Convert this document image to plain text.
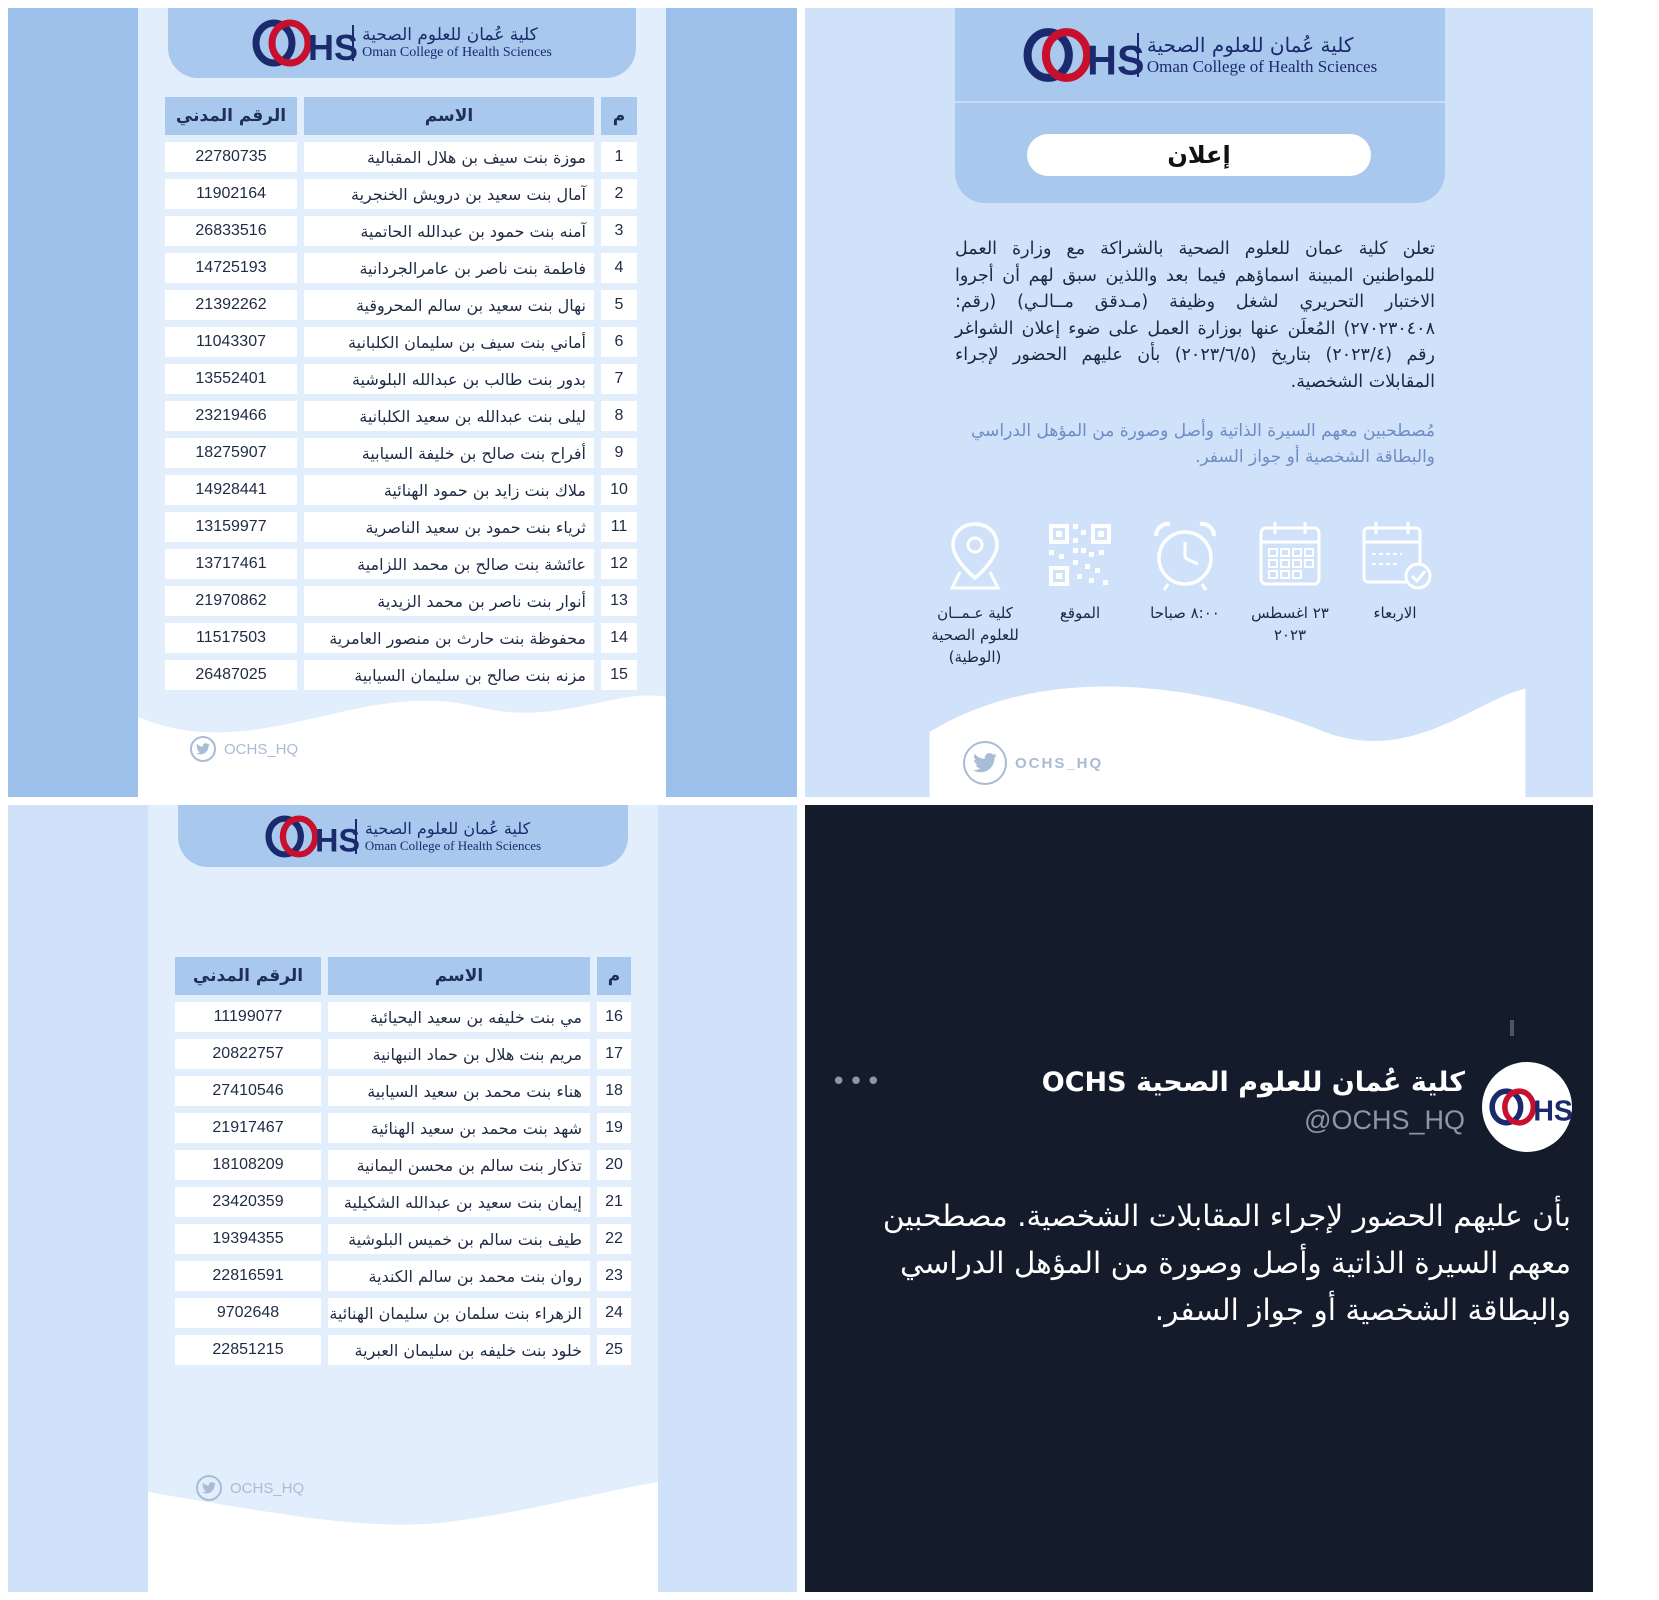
HS كلية عُمان للعلوم الصحية
Oman College of Health Sciences
م	الاسم	الرقم المدني
1	موزة بنت سيف بن هلال المقبالية	22780735
2	آمال بنت سعيد بن درويش الخنجرية	11902164
3	آمنه بنت حمود بن عبدالله الحاتمية	26833516
4	فاطمة بنت ناصر بن عامرالجردانية	14725193
5	نهال بنت سعيد بن سالم المحروقية	21392262
6	أماني بنت سيف بن سليمان الكلبانية	11043307
7	بدور بنت طالب بن عبدالله البلوشية	13552401
8	ليلى بنت عبدالله بن سعيد الكلبانية	23219466
9	أفراح بنت صالح بن خليفة السيابية	18275907
10	ملاك بنت زايد بن حمود الهنائية	14928441
11	ثرياء بنت حمود بن سعيد الناصرية	13159977
12	عائشة بنت صالح بن محمد اللزامية	13717461
13	أنوار بنت ناصر بن محمد الزيدية	21970862
14	محفوظة بنت حارث بن منصور العامرية	11517503
15	مزنه بنت صالح بن سليمان السيابية	26487025
OCHS_HQ
HS كلية عُمان للعلوم الصحية
Oman College of Health Sciences
إعلان
تعلن كلية عمان للعلوم الصحية بالشراكة مع وزارة العمل للمواطنين المبينة اسماؤهم فيما بعد واللذين سبق لهم أن أجروا الاختبار التحريري لشغل وظيفة (مـدقق مــالـي) (رقم: ٢٧٠٢٣٠٤٠٨) المُعلَن عنها بوزارة العمل على ضوء إعلان الشواغر رقم (٢٠٢٣/٤) بتاريخ (٢٠٢٣/٦/٥) بأن عليهم الحضور لإجراء المقابلات الشخصية.
مُصطحبين معهم السيرة الذاتية وأصل وصورة من المؤهل الدراسي والبطاقة الشخصية أو جواز السفر.
الاربعاء
٢٣ اغسطس ٢٠٢٣
٨:٠٠ صباحا
الموقع
كلية عـمــان للعلوم الصحية (الوطية)
OCHS_HQ
HS كلية عُمان للعلوم الصحية
Oman College of Health Sciences
م	الاسم	الرقم المدني
16	مي بنت خليفه بن سعيد اليحيائية	11199077
17	مريم بنت هلال بن حماد النبهانية	20822757
18	هناء بنت محمد بن سعيد السيابية	27410546
19	شهد بنت محمد بن سعيد الهنائية	21917467
20	تذكار بنت سالم بن محسن اليمانية	18108209
21	إيمان بنت سعيد بن عبدالله الشكيلية	23420359
22	طيف بنت سالم بن خميس البلوشية	19394355
23	روان بنت محمد بن سالم الكندية	22816591
24	الزهراء بنت سلمان بن سليمان الهنائية	9702648
25	خلود بنت خليفه بن سليمان العبرية	22851215
OCHS_HQ
HS
كلية عُمان للعلوم الصحية OCHS
@OCHS_HQ
•••
بأن عليهم الحضور لإجراء المقابلات الشخصية. مصطحبين معهم السيرة الذاتية وأصل وصورة من المؤهل الدراسي والبطاقة الشخصية أو جواز السفر.
